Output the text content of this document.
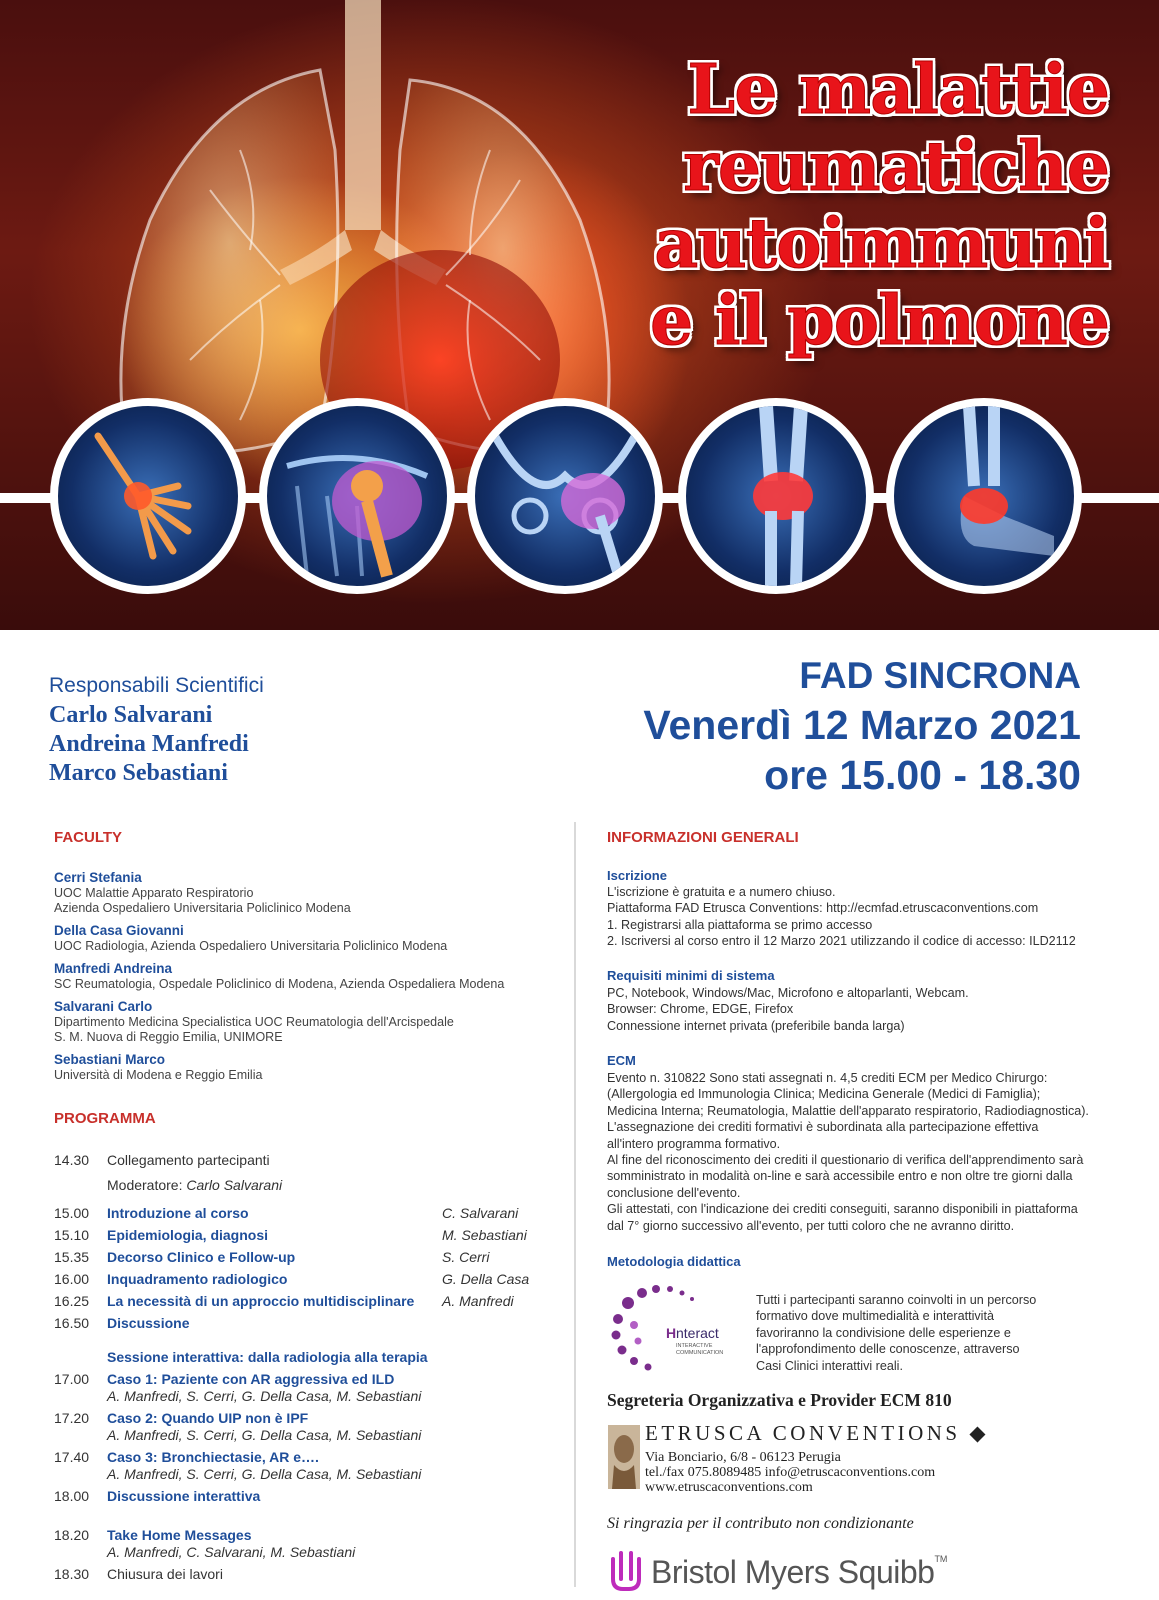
Le malattie
reumatiche
autoimmuni
e il polmone
Responsabili Scientifici
Carlo Salvarani
Andreina Manfredi
Marco Sebastiani
FAD SINCRONA
Venerdì 12 Marzo 2021
ore 15.00 - 18.30
FACULTY
Cerri Stefania
UOC Malattie Apparato Respiratorio
Azienda Ospedaliero Universitaria Policlinico Modena
Della Casa Giovanni
UOC Radiologia, Azienda Ospedaliero Universitaria Policlinico Modena
Manfredi Andreina
SC Reumatologia, Ospedale Policlinico di Modena, Azienda Ospedaliera Modena
Salvarani Carlo
Dipartimento Medicina Specialistica UOC Reumatologia dell'Arcispedale
S. M. Nuova di Reggio Emilia, UNIMORE
Sebastiani Marco
Università di Modena e Reggio Emilia
PROGRAMMA
14.30 Collegamento partecipanti
Moderatore: Carlo Salvarani
15.00 Introduzione al corso	C. Salvarani
15.10 Epidemiologia, diagnosi	M. Sebastiani
15.35 Decorso Clinico e Follow-up	S. Cerri
16.00 Inquadramento radiologico	G. Della Casa
16.25 La necessità di un approccio multidisciplinare A. Manfredi
16.50 Discussione
Sessione interattiva: dalla radiologia alla terapia
17.00 Caso 1: Paziente con AR aggressiva ed ILD
A. Manfredi, S. Cerri, G. Della Casa, M. Sebastiani
17.20 Caso 2: Quando UIP non è IPF
A. Manfredi, S. Cerri, G. Della Casa, M. Sebastiani
17.40 Caso 3: Bronchiectasie, AR e….
A. Manfredi, S. Cerri, G. Della Casa, M. Sebastiani
18.00 Discussione interattiva
18.20 Take Home Messages
A. Manfredi, C. Salvarani, M. Sebastiani
18.30 Chiusura dei lavori
INFORMAZIONI GENERALI
Iscrizione
L'iscrizione è gratuita e a numero chiuso.
Piattaforma FAD Etrusca Conventions: http://ecmfad.etruscaconventions.com
1. Registrarsi alla piattaforma se primo accesso
2. Iscriversi al corso entro il 12 Marzo 2021 utilizzando il codice di accesso: ILD2112
Requisiti minimi di sistema
PC, Notebook, Windows/Mac, Microfono e altoparlanti, Webcam.
Browser: Chrome, EDGE, Firefox
Connessione internet privata (preferibile banda larga)
ECM
Evento n. 310822 Sono stati assegnati n. 4,5 crediti ECM per Medico Chirurgo:
(Allergologia ed Immunologia Clinica; Medicina Generale (Medici di Famiglia);
Medicina Interna; Reumatologia, Malattie dell'apparato respiratorio, Radiodiagnostica).
L'assegnazione dei crediti formativi è subordinata alla partecipazione effettiva
all'intero programma formativo.
Al fine del riconoscimento dei crediti il questionario di verifica dell'apprendimento sarà
somministrato in modalità on-line e sarà accessibile entro e non oltre tre giorni dalla
conclusione dell'evento.
Gli attestati, con l'indicazione dei crediti conseguiti, saranno disponibili in piattaforma
dal 7° giorno successivo all'evento, per tutti coloro che ne avranno diritto.
Metodologia didattica
H nteract
INTERACTIVE
COMMUNICATION
Tutti i partecipanti saranno coinvolti in un percorso
formativo dove multimedialità e interattività
favoriranno la condivisione delle esperienze e
l'approfondimento delle conoscenze, attraverso
Casi Clinici interattivi reali.
Segreteria Organizzativa e Provider ECM 810
ETRUSCA CONVENTIONS ◆
Via Bonciario, 6/8 - 06123 Perugia
tel./fax 075.8089485 info@etruscaconventions.com
www.etruscaconventions.com
Si ringrazia per il contributo non condizionante
Bristol Myers Squibb™
